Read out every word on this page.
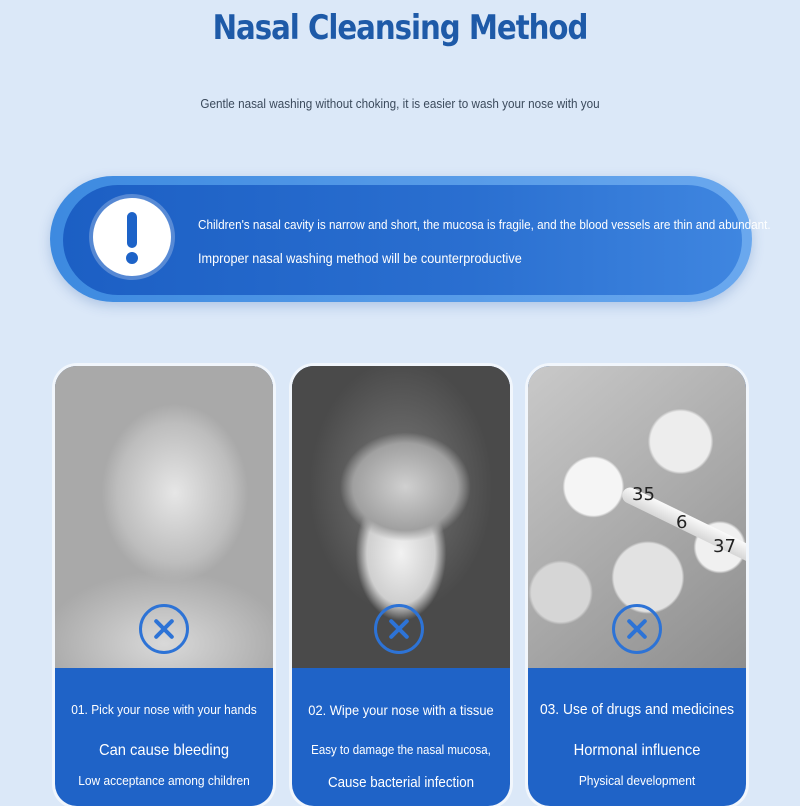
Nasal Cleansing Method
Gentle nasal washing without choking, it is easier to wash your nose with you
Children's nasal cavity is narrow and short, the mucosa is fragile, and the blood vessels are thin and abundant.
Improper nasal washing method will be counterproductive
01. Pick your nose with your hands
Can cause bleeding
Low acceptance among children
02. Wipe your nose with a tissue
Easy to damage the nasal mucosa,
Cause bacterial infection
35
6
37
03. Use of drugs and medicines
Hormonal influence
Physical development
